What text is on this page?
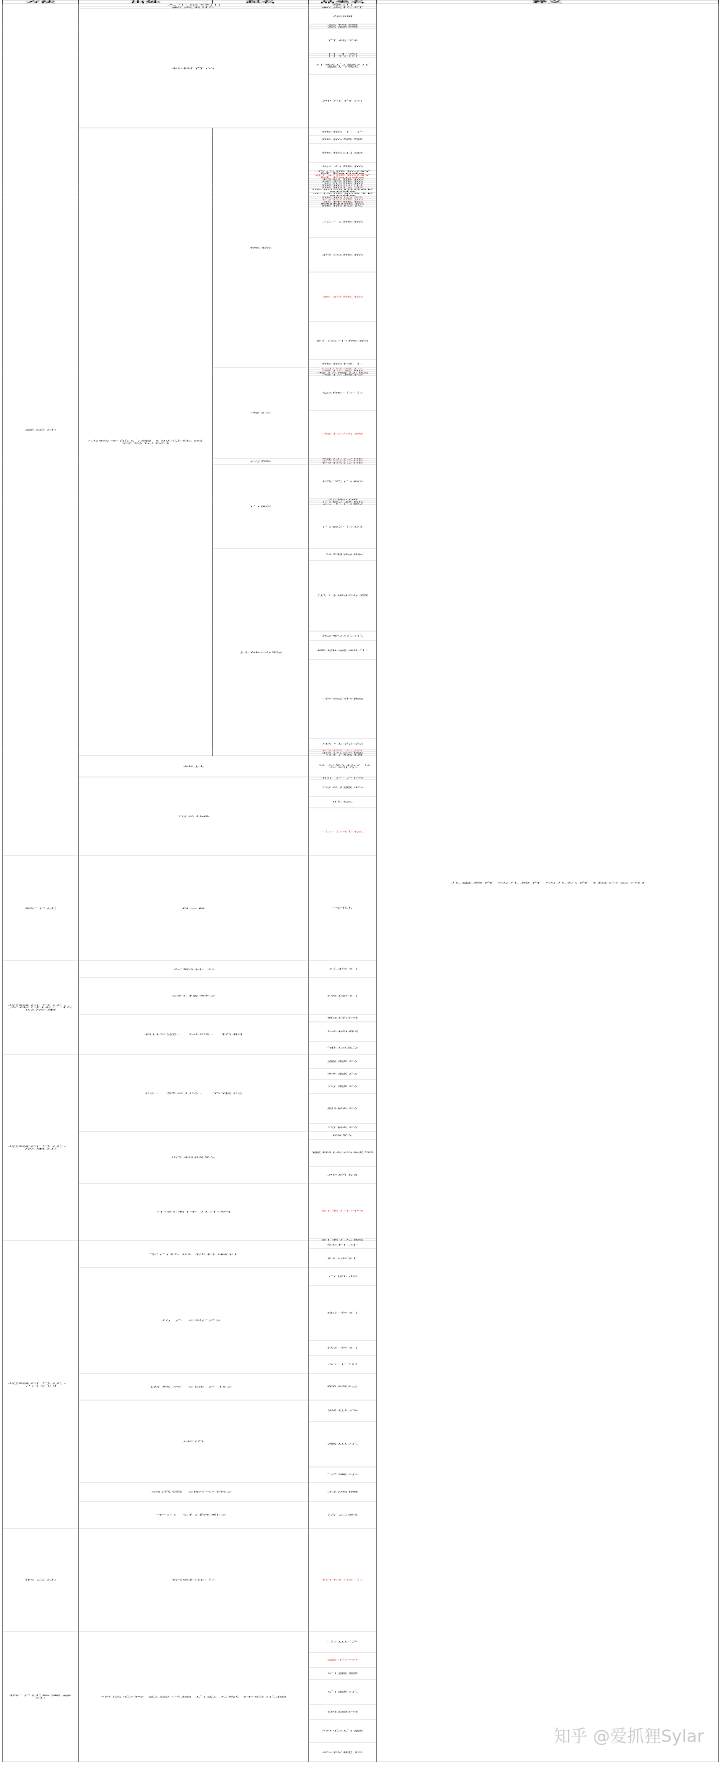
方法	出处	起名	品类名	释义	
意象法	人生是登山		攀山	儿童教育 幼儿教育 幼儿培育 (投资公司)	
	薪火相传		薪火传灯		
	种树育苗		华圃	
			嘉树圃		
			嘉慧圃		
			育花谷	
			育才苑		
			育竹山		
			开赋启慧/开慧启赋	
			神舟育苗	
	动物+前后缀 (视觉化更容易记忆)	熊猫	熊猫王子	
			熊猫攀攀	
			熊猫雨果	
			原力熊猫	
			金色熊猫GYM Panda		
			积木熊猫GYM Panda		
			彩虹熊猫		
			迷彩熊猫		
			变形熊猫		
			熊猫冲浪		
			熊猫浮水		
			熊猫领路06Panda		
			无忧熊猫51Panda		
			熊猫造梦		
			拇指熊猫		
			茶杯熊猫		
			MINI熊猫		
			熊猫校长		
			元气熊猫	
			彩色熊猫	
			多彩熊猫	
			红色小熊猫	
			熊猫博士	
		考拉	闪电考拉		
			考拉老师		
			考拉魔法师		
			考拉教授		
			袋熊宝宝	
			考拉幼教	
		浣熊	魔法浣熊		
			彩色浣熊		
			拇指浣熊		
		白鲸	微笑白鲸	
			养鲸池		
			白鲸老师		
			云上白鲸		
			白鲸宝贝	
		其他动物	飞翔海豚	
			黑马驹幼教	
			海豹乐乐	
			雄鹿爱迪生	
			金领企鹅	
			黑马奔奔	
			拇指大象		
			彩色萨摩		
			飞行猪猪		
	载具		飞天特快/飞天列车	
	奇幻感		仙子学园		
			奇幻童心	
			驻忆	
			宝宝驻忆	
数字法	0~6		零陆	
超级符号法：文化母体、传说故事	女娲补天		五彩石	
	《红楼梦》		瑛珠石	
	和氏璧、凤凰、梧桐		抱璞园	
			凤栖桐	
			雏凤院	
超级符号法：故事法	岛、梦幻岛、金银岛		童慧岛	
			梦慧岛	
			奇慧岛	
			骐跃岛	
			奇跃岛	
	哈利波特		波特	
			霍格沃茨城堡	
			神盾局	
	小红帽+丑小鸭		红帽小鸭	
			红帽天鹅		
超级符号法：古诗词	李白传说 铁杵磨针		铁杵斗	
			杵成针	
	荀子《劝学》		青胜蓝	
			砺金石	
			锲金石	
			至千里	
	诸葛亮《诫子书》		静致远	
	成语		贤思齐	
			寓思乐	
			学寓乐	
	刘禹锡《陋室铭》		对鸿儒	
	李白《行路难》		济云帆	
谐音法	招财进宝		招材进宝	
拆字法&寓意法	塑造心智 发现兴趣 启发天赋 体验乐趣		宝思学	
			童心塑	
			启童慧	
			启慧乐	
			创趣园	
			塑心启慧	
			心智健长	
知乎 @爱抓狸Sylar
